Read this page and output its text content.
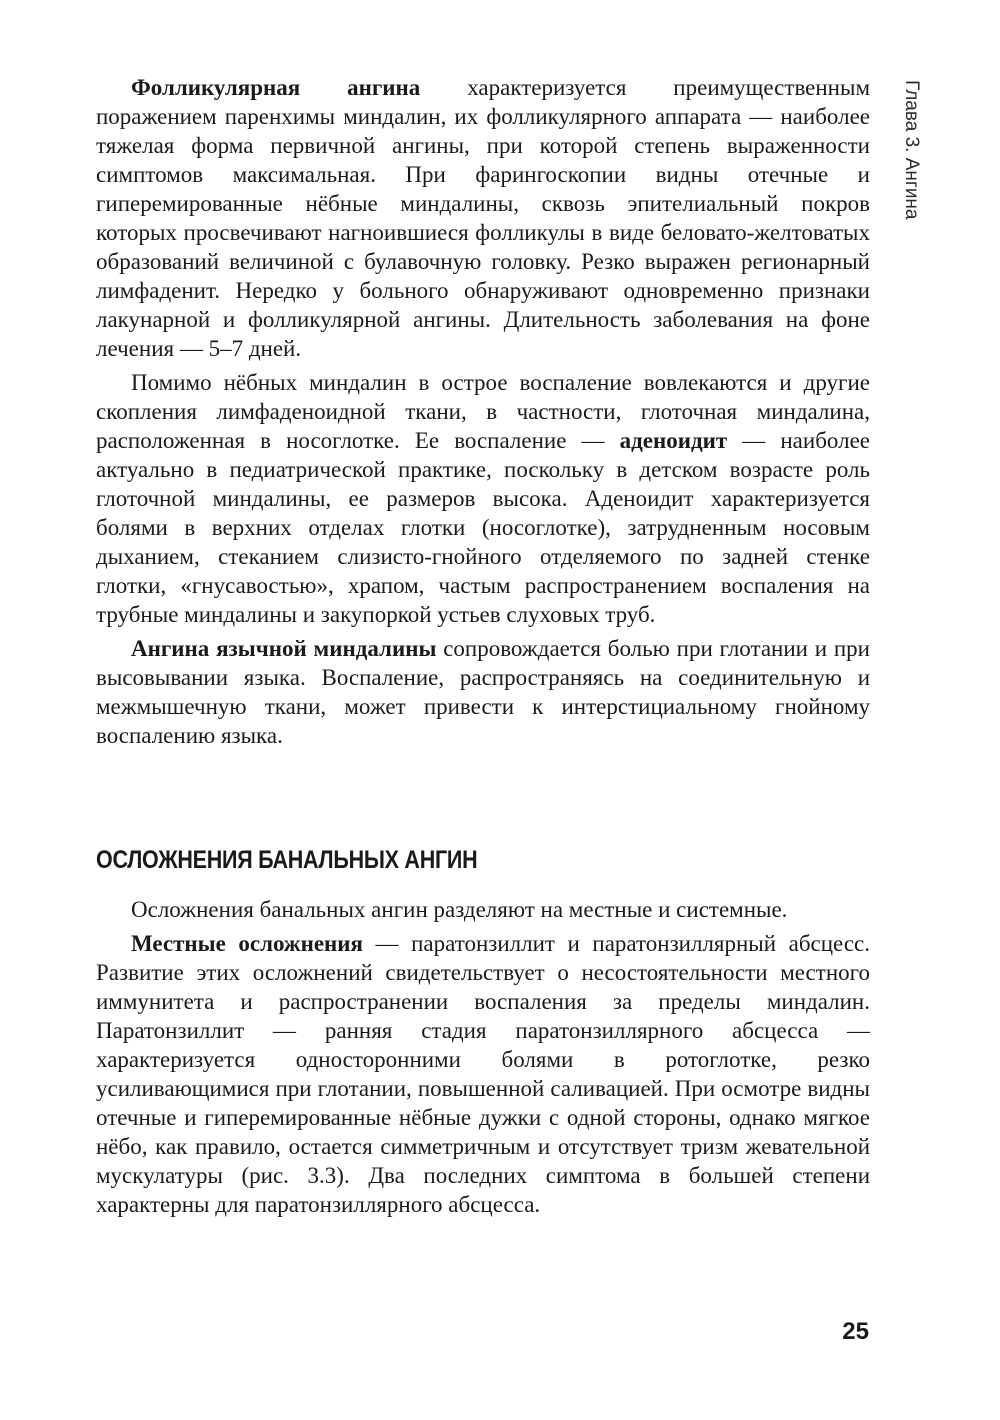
Глава 3. Ангина

Фолликулярная ангина характеризуется преимущественным поражением паренхимы миндалин, их фолликулярного аппарата — наиболее тяжелая форма первичной ангины, при которой степень выраженности симптомов максимальная. При фарингоскопии видны отечные и гиперемированные нёбные миндалины, сквозь эпителиальный покров которых просвечивают нагноившиеся фолликулы в виде беловато-желтоватых образований величиной с булавочную головку. Резко выражен регионарный лимфаденит. Нередко у больного обнаруживают одновременно признаки лакунарной и фолликулярной ангины. Длительность заболевания на фоне лечения — 5–7 дней.

Помимо нёбных миндалин в острое воспаление вовлекаются и другие скопления лимфаденоидной ткани, в частности, глоточная миндалина, расположенная в носоглотке. Ее воспаление — аденоидит — наиболее актуально в педиатрической практике, поскольку в детском возрасте роль глоточной миндалины, ее размеров высока. Аденоидит характеризуется болями в верхних отделах глотки (носоглотке), затрудненным носовым дыханием, стеканием слизисто-гнойного отделяемого по задней стенке глотки, «гнусавостью», храпом, частым распространением воспаления на трубные миндалины и закупоркой устьев слуховых труб.

Ангина язычной миндалины сопровождается болью при глотании и при высовывании языка. Воспаление, распространяясь на соединительную и межмышечную ткани, может привести к интерстициальному гнойному воспалению языка.

ОСЛОЖНЕНИЯ БАНАЛЬНЫХ АНГИН

Осложнения банальных ангин разделяют на местные и системные.

Местные осложнения — паратонзиллит и паратонзиллярный абсцесс. Развитие этих осложнений свидетельствует о несостоятельности местного иммунитета и распространении воспаления за пределы миндалин. Паратонзиллит — ранняя стадия паратонзиллярного абсцесса — характеризуется односторонними болями в ротоглотке, резко усиливающимися при глотании, повышенной саливацией. При осмотре видны отечные и гиперемированные нёбные дужки с одной стороны, однако мягкое нёбо, как правило, остается симметричным и отсутствует тризм жевательной мускулатуры (рис. 3.3). Два последних симптома в большей степени характерны для паратонзиллярного абсцесса.

25
